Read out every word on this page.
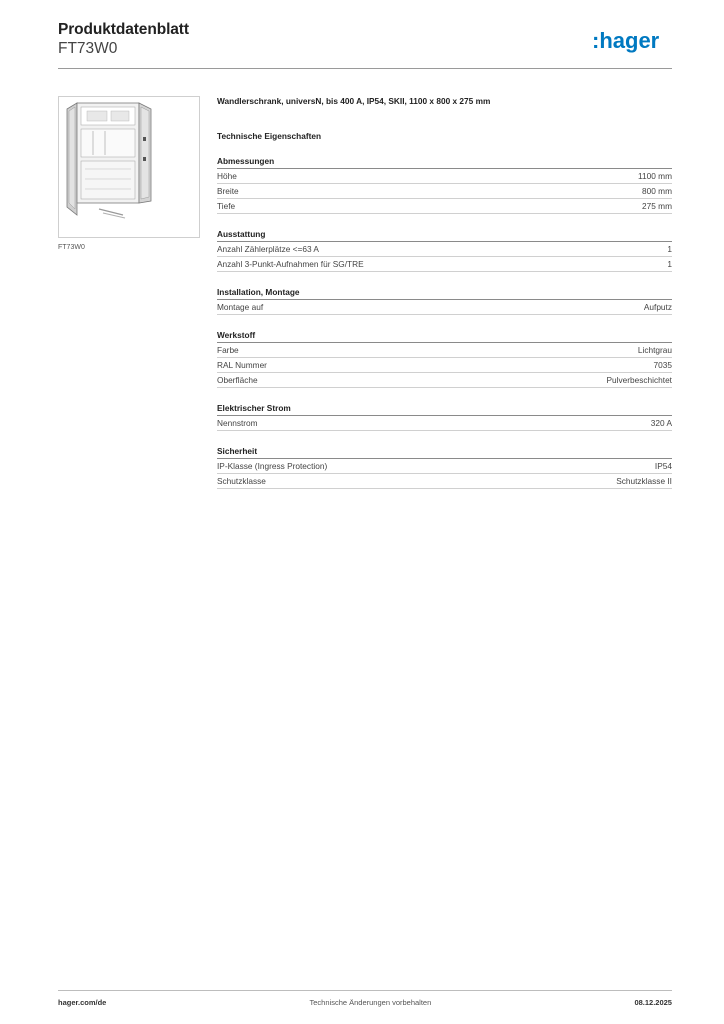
Produktdatenblatt
FT73W0	:hager
FT73W0
Wandlerschrank, universN, bis 400 A, IP54, SKII, 1100 x 800 x 275 mm
Technische Eigenschaften
Abmessungen
Höhe	1100 mm
Breite	800 mm
Tiefe	275 mm
Ausstattung
Anzahl Zählerplätze <=63 A	1
Anzahl 3-Punkt-Aufnahmen für SG/TRE	1
Installation, Montage
Montage auf	Aufputz
Werkstoff
Farbe	Lichtgrau
RAL Nummer	7035
Oberfläche	Pulverbeschichtet
Elektrischer Strom
Nennstrom	320 A
Sicherheit
IP-Klasse (Ingress Protection)	IP54
Schutzklasse	Schutzklasse II
hager.com/de	Technische Änderungen vorbehalten	08.12.2025
